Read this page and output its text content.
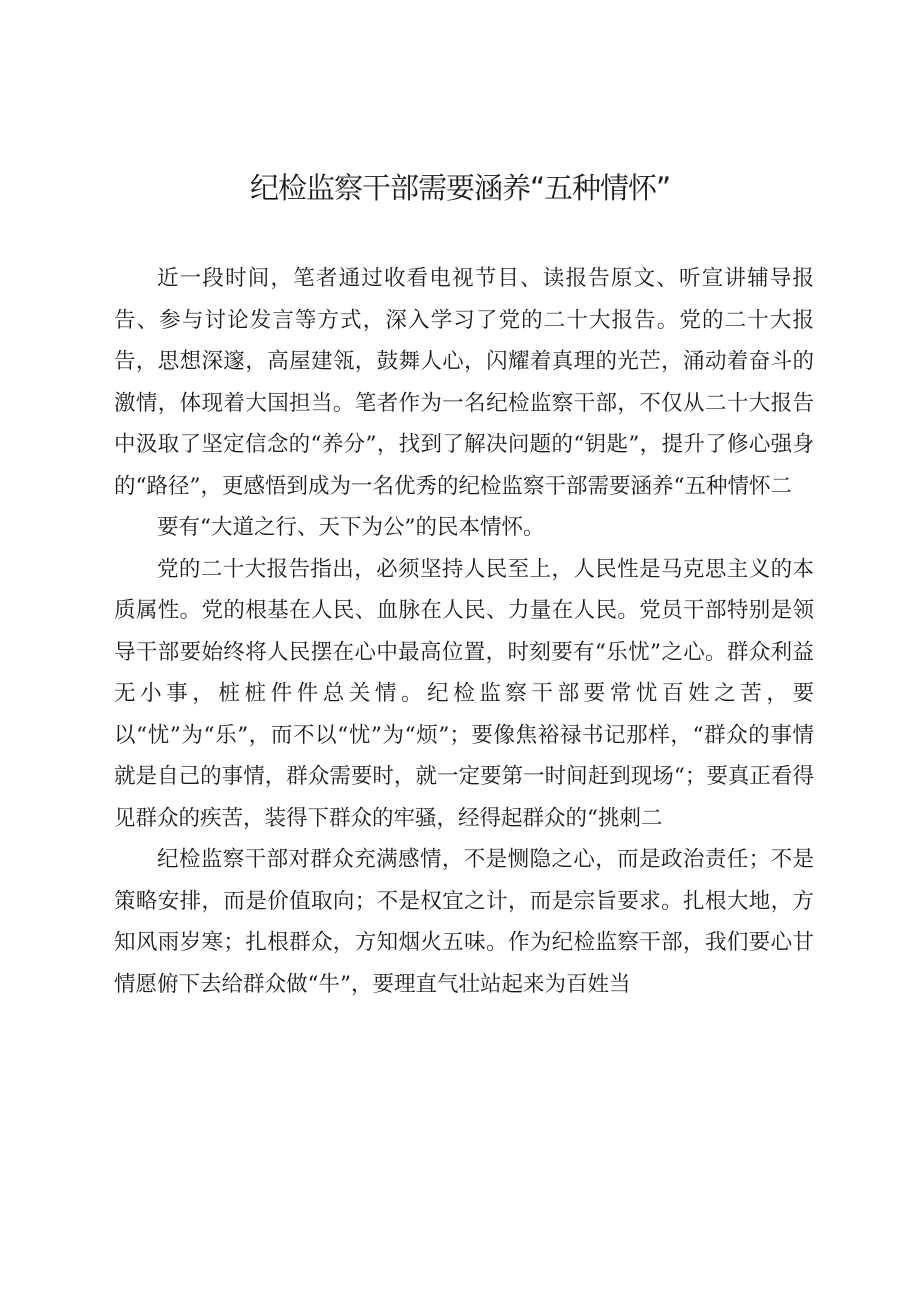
纪检监察干部需要涵养“五种情怀”

近一段时间，笔者通过收看电视节目、读报告原文、听宣讲辅导报告、参与讨论发言等方式，深入学习了党的二十大报告。党的二十大报告，思想深邃，高屋建瓴，鼓舞人心，闪耀着真理的光芒，涌动着奋斗的激情，体现着大国担当。笔者作为一名纪检监察干部，不仅从二十大报告中汲取了坚定信念的“养分”，找到了解决问题的“钥匙”，提升了修心强身的“路径”，更感悟到成为一名优秀的纪检监察干部需要涵养“五种情怀二

要有“大道之行、天下为公”的民本情怀。

党的二十大报告指出，必须坚持人民至上，人民性是马克思主义的本质属性。党的根基在人民、血脉在人民、力量在人民。党员干部特别是领导干部要始终将人民摆在心中最高位置，时刻要有“乐忧”之心。群众利益无小事，桩桩件件总关情。纪检监察干部要常忧百姓之苦，要以“忧”为“乐”，而不以“忧”为“烦”；要像焦裕禄书记那样，“群众的事情就是自己的事情，群众需要时，就一定要第一时间赶到现场“；要真正看得见群众的疾苦，装得下群众的牢骚，经得起群众的“挑刺二

纪检监察干部对群众充满感情，不是恻隐之心，而是政治责任；不是策略安排，而是价值取向；不是权宜之计，而是宗旨要求。扎根大地，方知风雨岁寒；扎根群众，方知烟火五味。作为纪检监察干部，我们要心甘情愿俯下去给群众做“牛”，要理直气壮站起来为百姓当
